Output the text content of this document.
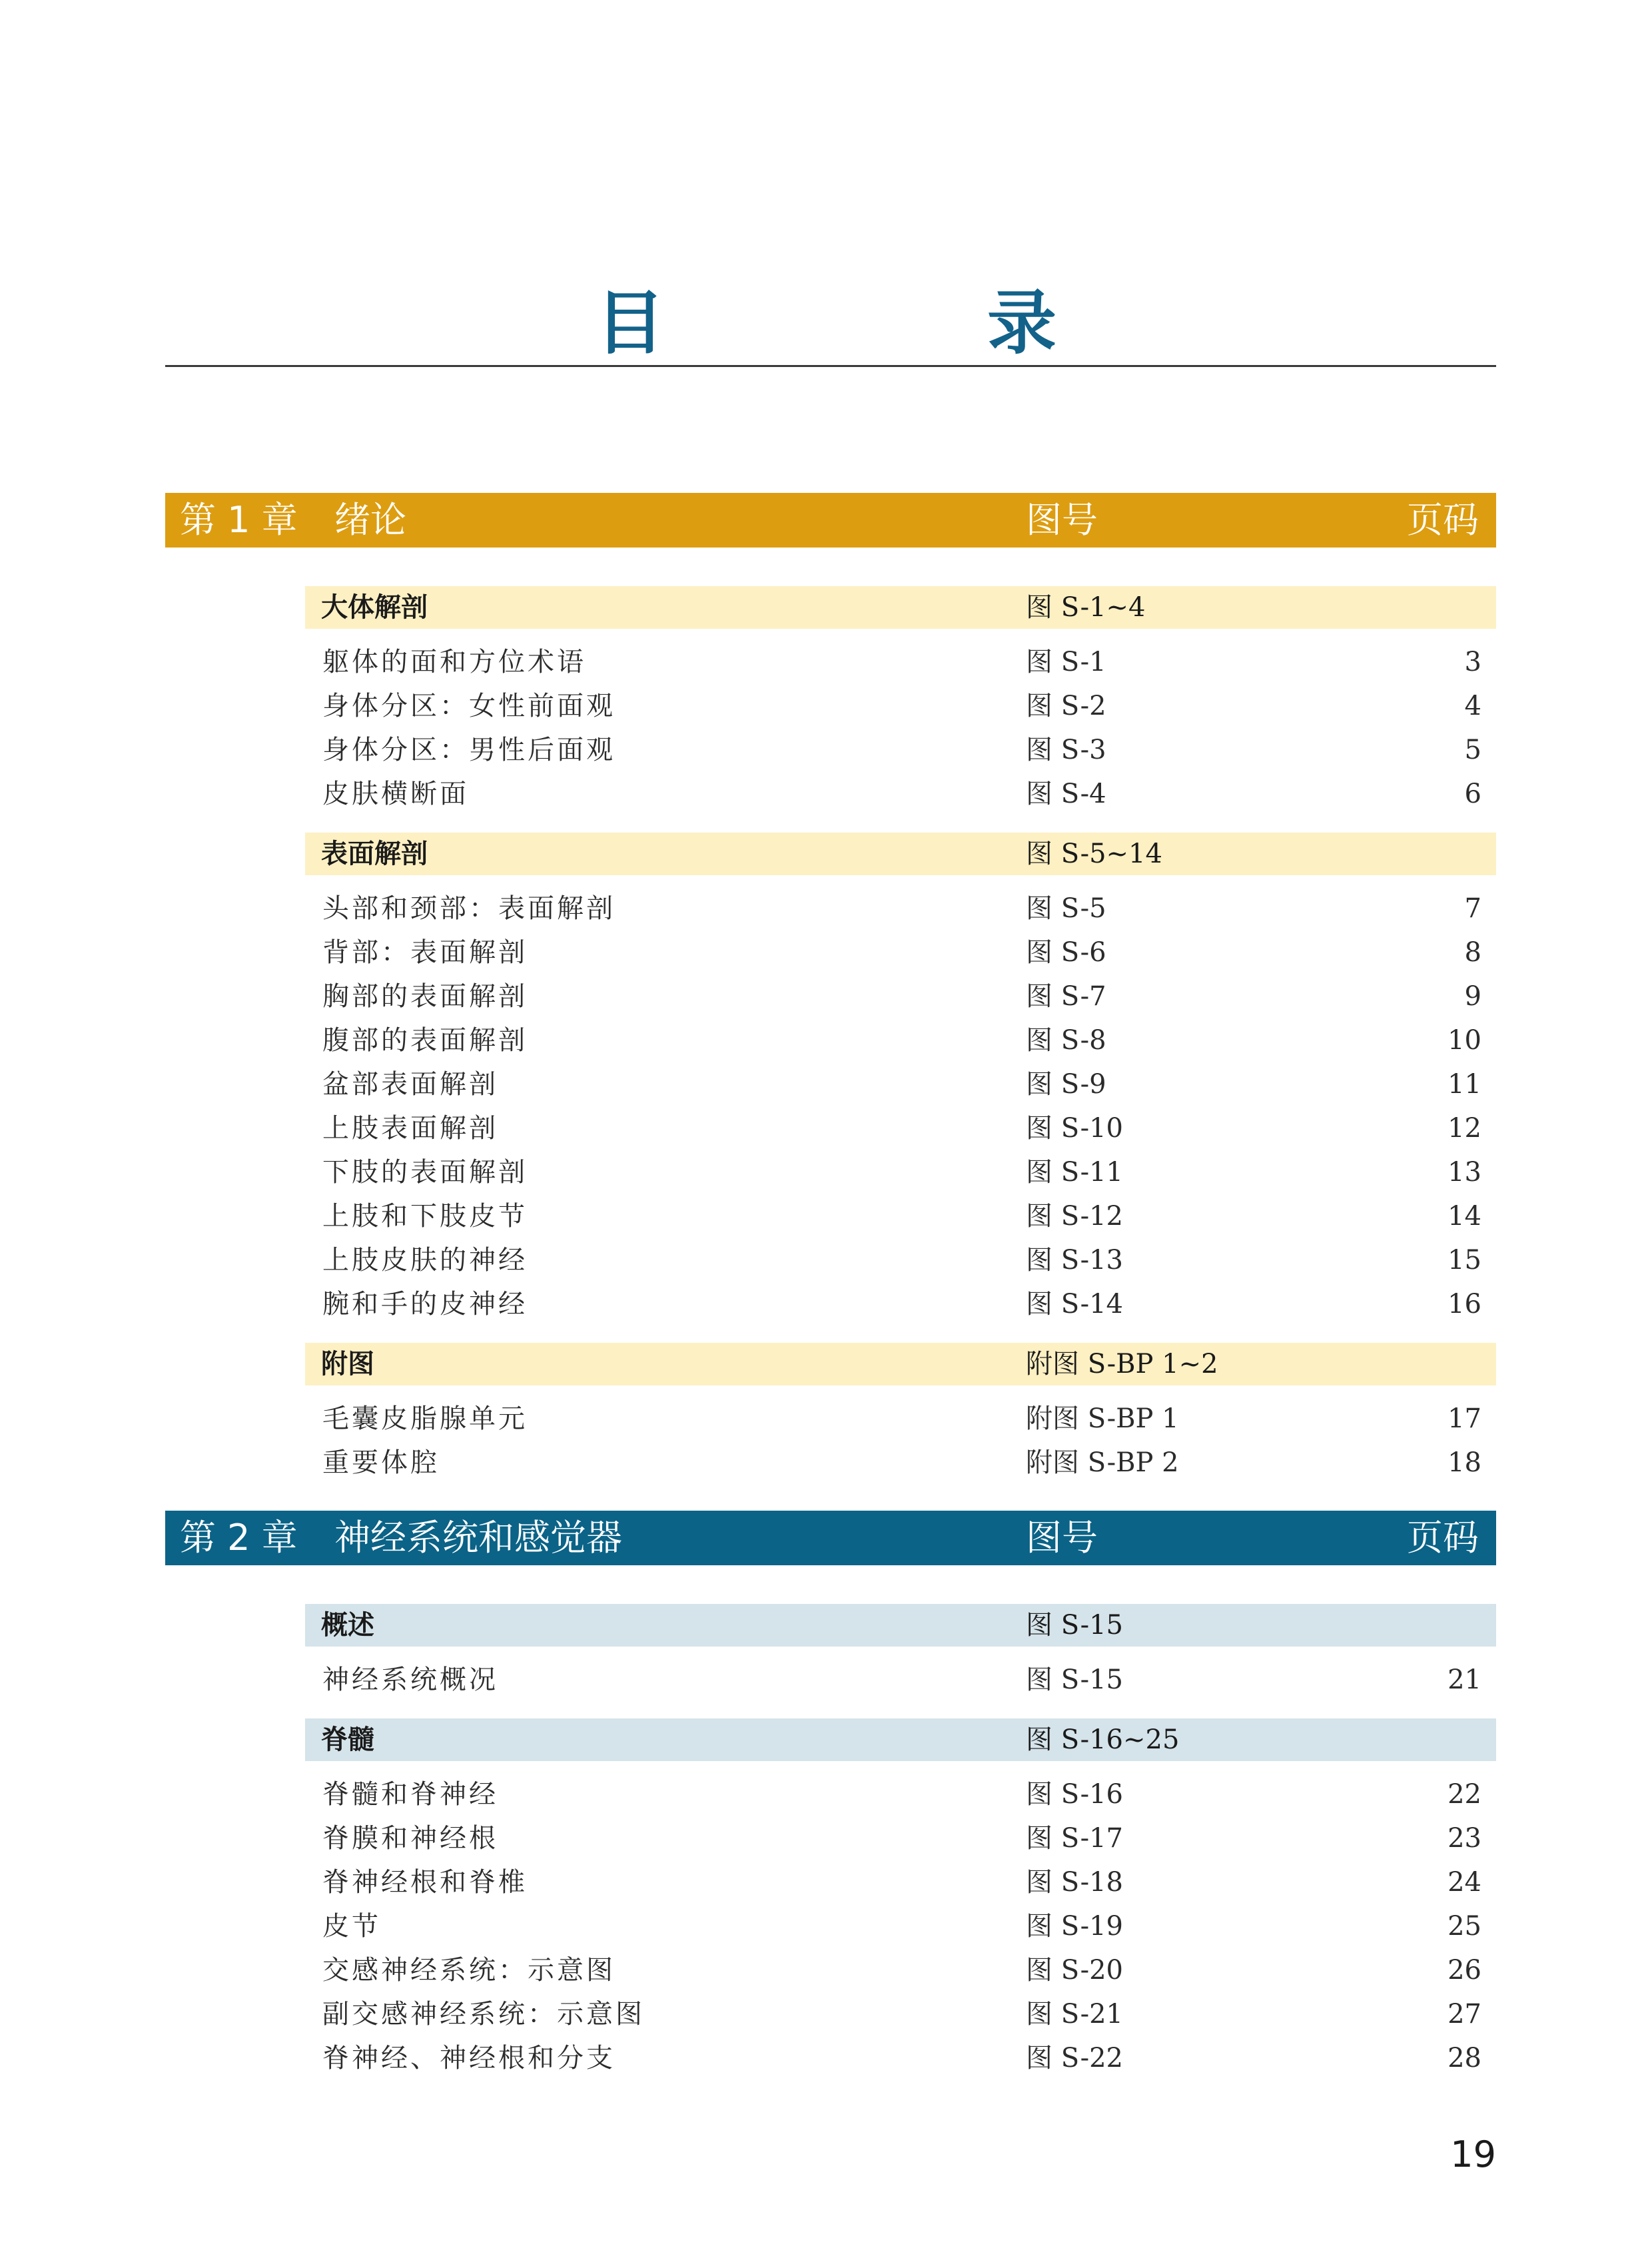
目　录
第 1 章 绪论	图号	页码
大体解剖	图 S-1~4
躯体的面和方位术语	图 S-1	3
身体分区：女性前面观	图 S-2	4
身体分区：男性后面观	图 S-3	5
皮肤横断面	图 S-4	6
表面解剖	图 S-5~14
头部和颈部：表面解剖	图 S-5	7
背部：表面解剖	图 S-6	8
胸部的表面解剖	图 S-7	9
腹部的表面解剖	图 S-8	10
盆部表面解剖	图 S-9	11
上肢表面解剖	图 S-10	12
下肢的表面解剖	图 S-11	13
上肢和下肢皮节	图 S-12	14
上肢皮肤的神经	图 S-13	15
腕和手的皮神经	图 S-14	16
附图	附图 S-BP 1~2
毛囊皮脂腺单元	附图 S-BP 1	17
重要体腔	附图 S-BP 2	18
第 2 章 神经系统和感觉器	图号	页码
概述	图 S-15
神经系统概况	图 S-15	21
脊髓	图 S-16~25
脊髓和脊神经	图 S-16	22
脊膜和神经根	图 S-17	23
脊神经根和脊椎	图 S-18	24
皮节	图 S-19	25
交感神经系统：示意图	图 S-20	26
副交感神经系统：示意图	图 S-21	27
脊神经、神经根和分支	图 S-22	28
19
